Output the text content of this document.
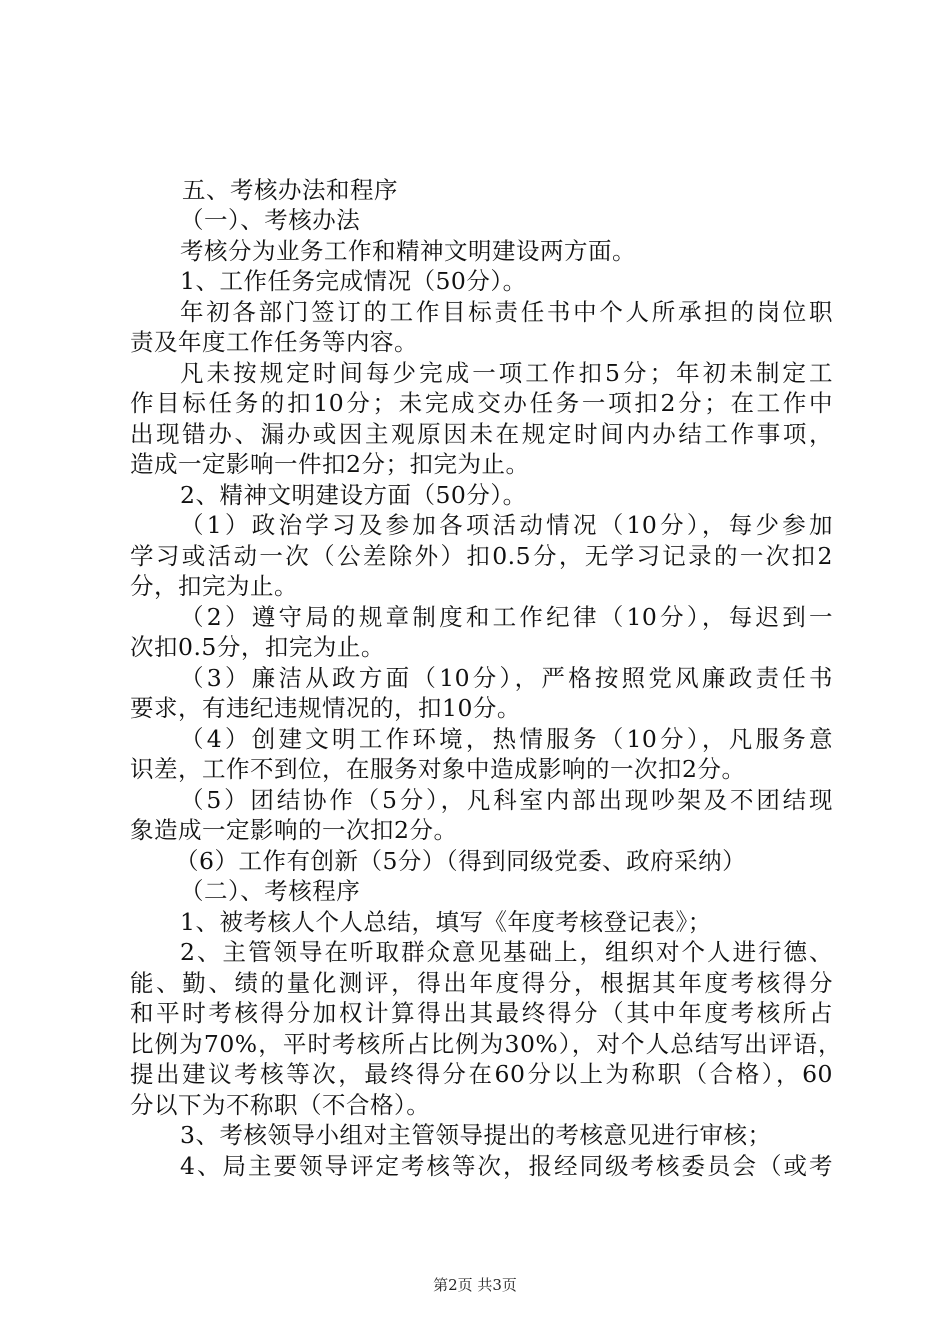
五、考核办法和程序

（一）、考核办法

考核分为业务工作和精神文明建设两方面。

1、工作任务完成情况（50分）。

年初各部门签订的工作目标责任书中个人所承担的岗位职

责及年度工作任务等内容。

凡未按规定时间每少完成一项工作扣5分；年初未制定工

作目标任务的扣10分；未完成交办任务一项扣2分；在工作中

出现错办、漏办或因主观原因未在规定时间内办结工作事项，

造成一定影响一件扣2分；扣完为止。

2、精神文明建设方面（50分）。

（1）政治学习及参加各项活动情况（10分），每少参加

学习或活动一次（公差除外）扣0.5分，无学习记录的一次扣2

分，扣完为止。

（2）遵守局的规章制度和工作纪律（10分），每迟到一

次扣0.5分，扣完为止。

（3）廉洁从政方面（10分），严格按照党风廉政责任书

要求，有违纪违规情况的，扣10分。

（4）创建文明工作环境，热情服务（10分），凡服务意

识差，工作不到位，在服务对象中造成影响的一次扣2分。

（5）团结协作（5分），凡科室内部出现吵架及不团结现

象造成一定影响的一次扣2分。

（6）工作有创新（5分）（得到同级党委、政府采纳）

（二）、考核程序

1、被考核人个人总结，填写《年度考核登记表》；

2、主管领导在听取群众意见基础上，组织对个人进行德、

能、勤、绩的量化测评，得出年度得分，根据其年度考核得分

和平时考核得分加权计算得出其最终得分（其中年度考核所占

比例为70%，平时考核所占比例为30%），对个人总结写出评语，

提出建议考核等次，最终得分在60分以上为称职（合格），60

分以下为不称职（不合格）。

3、考核领导小组对主管领导提出的考核意见进行审核；

4、局主要领导评定考核等次，报经同级考核委员会（或考

第2页 共3页
